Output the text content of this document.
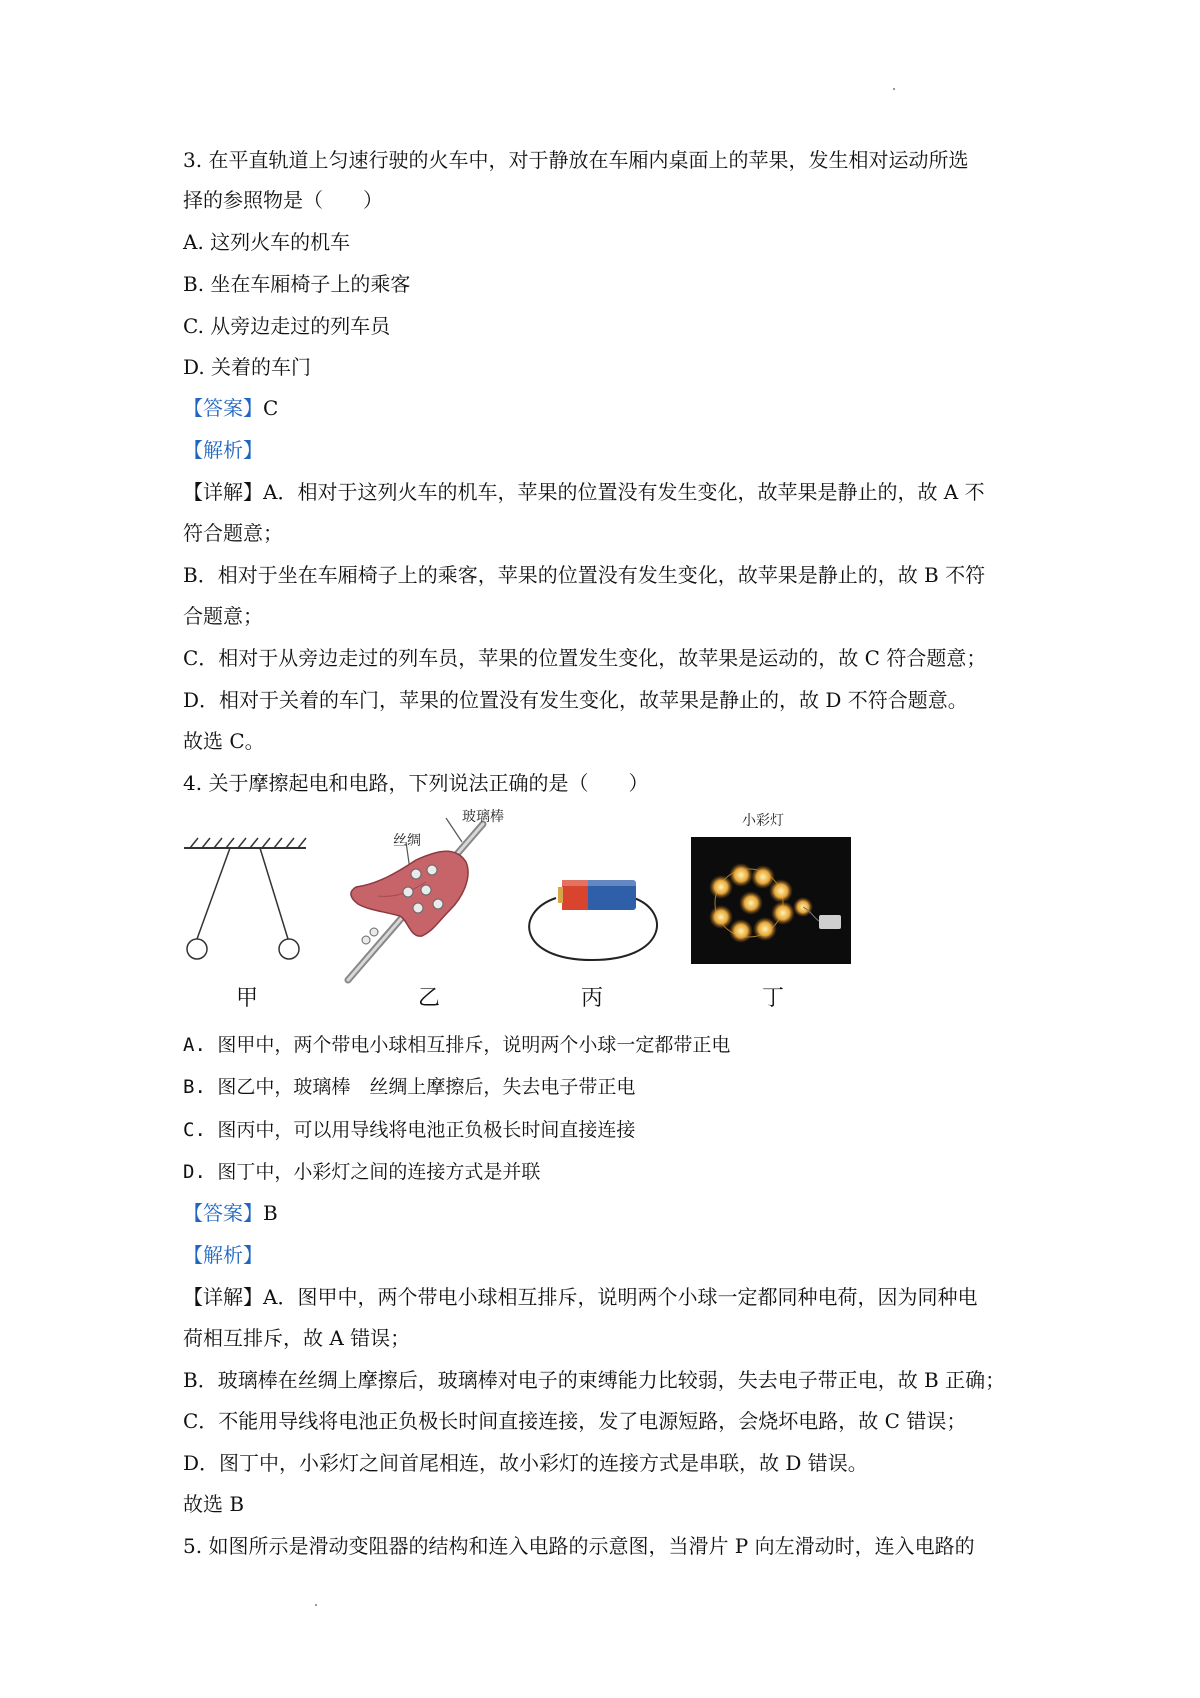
3. 在平直轨道上匀速行驶的火车中，对于静放在车厢内桌面上的苹果，发生相对运动所选
择的参照物是（　　）
A. 这列火车的机车
B. 坐在车厢椅子上的乘客
C. 从旁边走过的列车员
D. 关着的车门
【答案】C
【解析】
【详解】A．相对于这列火车的机车，苹果的位置没有发生变化，故苹果是静止的，故 A 不
符合题意；
B．相对于坐在车厢椅子上的乘客，苹果的位置没有发生变化，故苹果是静止的，故 B 不符
合题意；
C．相对于从旁边走过的列车员，苹果的位置发生变化，故苹果是运动的，故 C 符合题意；
D．相对于关着的车门，苹果的位置没有发生变化，故苹果是静止的，故 D 不符合题意。
故选 C。
4. 关于摩擦起电和电路，下列说法正确的是（　　）
玻璃棒
丝绸
小彩灯
甲	乙	丙	丁
A. 图甲中，两个带电小球相互排斥，说明两个小球一定都带正电
B. 图乙中，玻璃棒　丝绸上摩擦后，失去电子带正电
C. 图丙中，可以用导线将电池正负极长时间直接连接
D. 图丁中，小彩灯之间的连接方式是并联
【答案】B
【解析】
【详解】A．图甲中，两个带电小球相互排斥，说明两个小球一定都同种电荷，因为同种电
荷相互排斥，故 A 错误；
B．玻璃棒在丝绸上摩擦后，玻璃棒对电子的束缚能力比较弱，失去电子带正电，故 B 正确；
C．不能用导线将电池正负极长时间直接连接，发了电源短路，会烧坏电路，故 C 错误；
D．图丁中，小彩灯之间首尾相连，故小彩灯的连接方式是串联，故 D 错误。
故选 B
5. 如图所示是滑动变阻器的结构和连入电路的示意图，当滑片 P 向左滑动时，连入电路的
